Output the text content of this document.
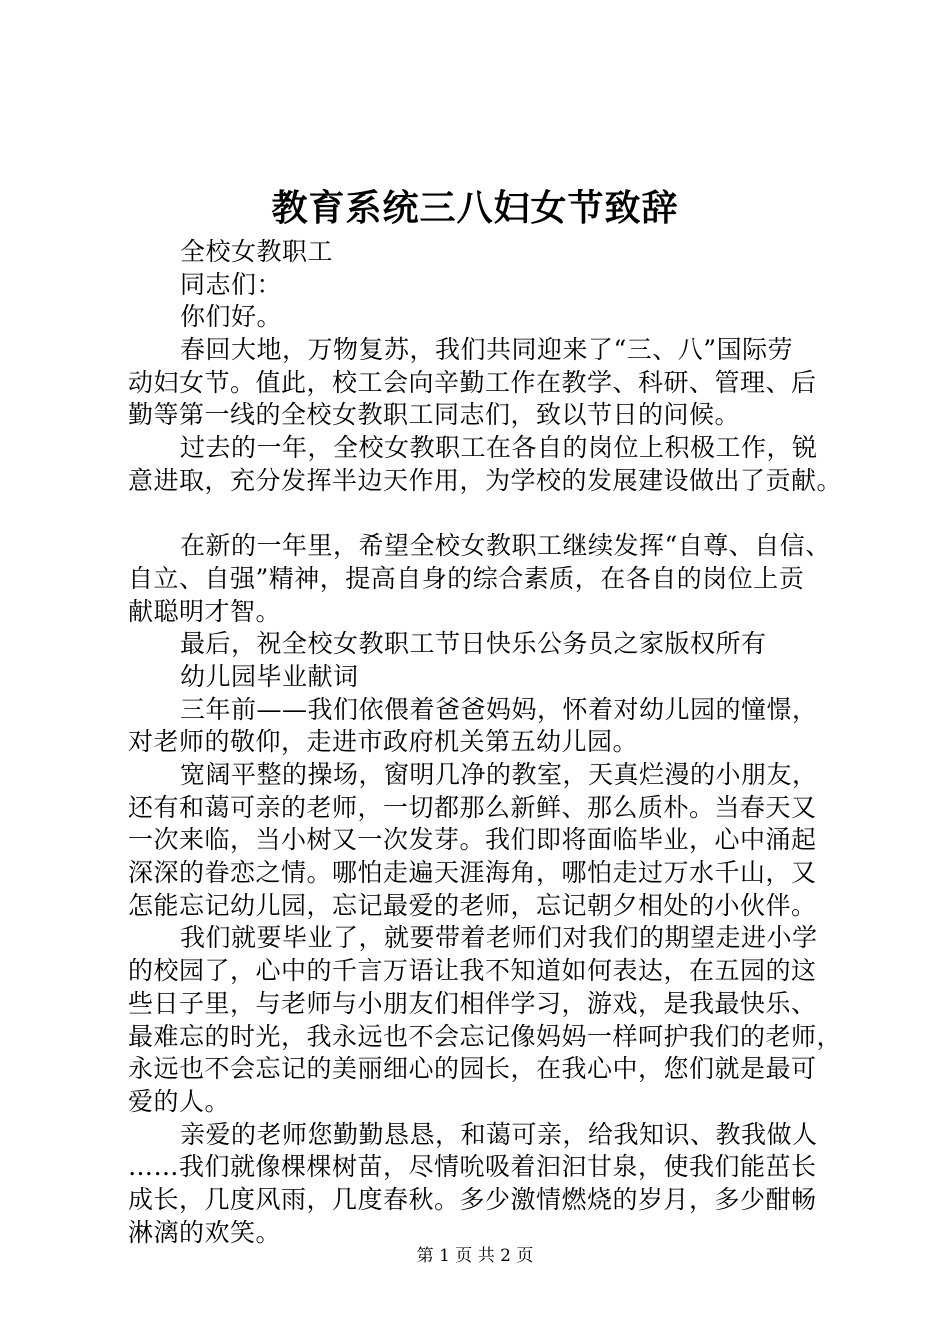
教育系统三八妇女节致辞
全校女教职工
同志们：
你们好。
春回大地，万物复苏，我们共同迎来了“三、八”国际劳
动妇女节。值此，校工会向辛勤工作在教学、科研、管理、后
勤等第一线的全校女教职工同志们，致以节日的问候。
过去的一年，全校女教职工在各自的岗位上积极工作，锐
意进取，充分发挥半边天作用，为学校的发展建设做出了贡献。
在新的一年里，希望全校女教职工继续发挥“自尊、自信、
自立、自强”精神，提高自身的综合素质，在各自的岗位上贡
献聪明才智。
最后，祝全校女教职工节日快乐公务员之家版权所有
幼儿园毕业献词
三年前——我们依偎着爸爸妈妈，怀着对幼儿园的憧憬，
对老师的敬仰，走进市政府机关第五幼儿园。
宽阔平整的操场，窗明几净的教室，天真烂漫的小朋友，
还有和蔼可亲的老师，一切都那么新鲜、那么质朴。当春天又
一次来临，当小树又一次发芽。我们即将面临毕业，心中涌起
深深的眷恋之情。哪怕走遍天涯海角，哪怕走过万水千山，又
怎能忘记幼儿园，忘记最爱的老师，忘记朝夕相处的小伙伴。
我们就要毕业了，就要带着老师们对我们的期望走进小学
的校园了，心中的千言万语让我不知道如何表达，在五园的这
些日子里，与老师与小朋友们相伴学习，游戏，是我最快乐、
最难忘的时光，我永远也不会忘记像妈妈一样呵护我们的老师，
永远也不会忘记的美丽细心的园长，在我心中，您们就是最可
爱的人。
亲爱的老师您勤勤恳恳，和蔼可亲，给我知识、教我做人
……我们就像棵棵树苗，尽情吮吸着汩汩甘泉，使我们能茁长
成长，几度风雨，几度春秋。多少激情燃烧的岁月，多少酣畅
淋漓的欢笑。
第 1 页 共 2 页
